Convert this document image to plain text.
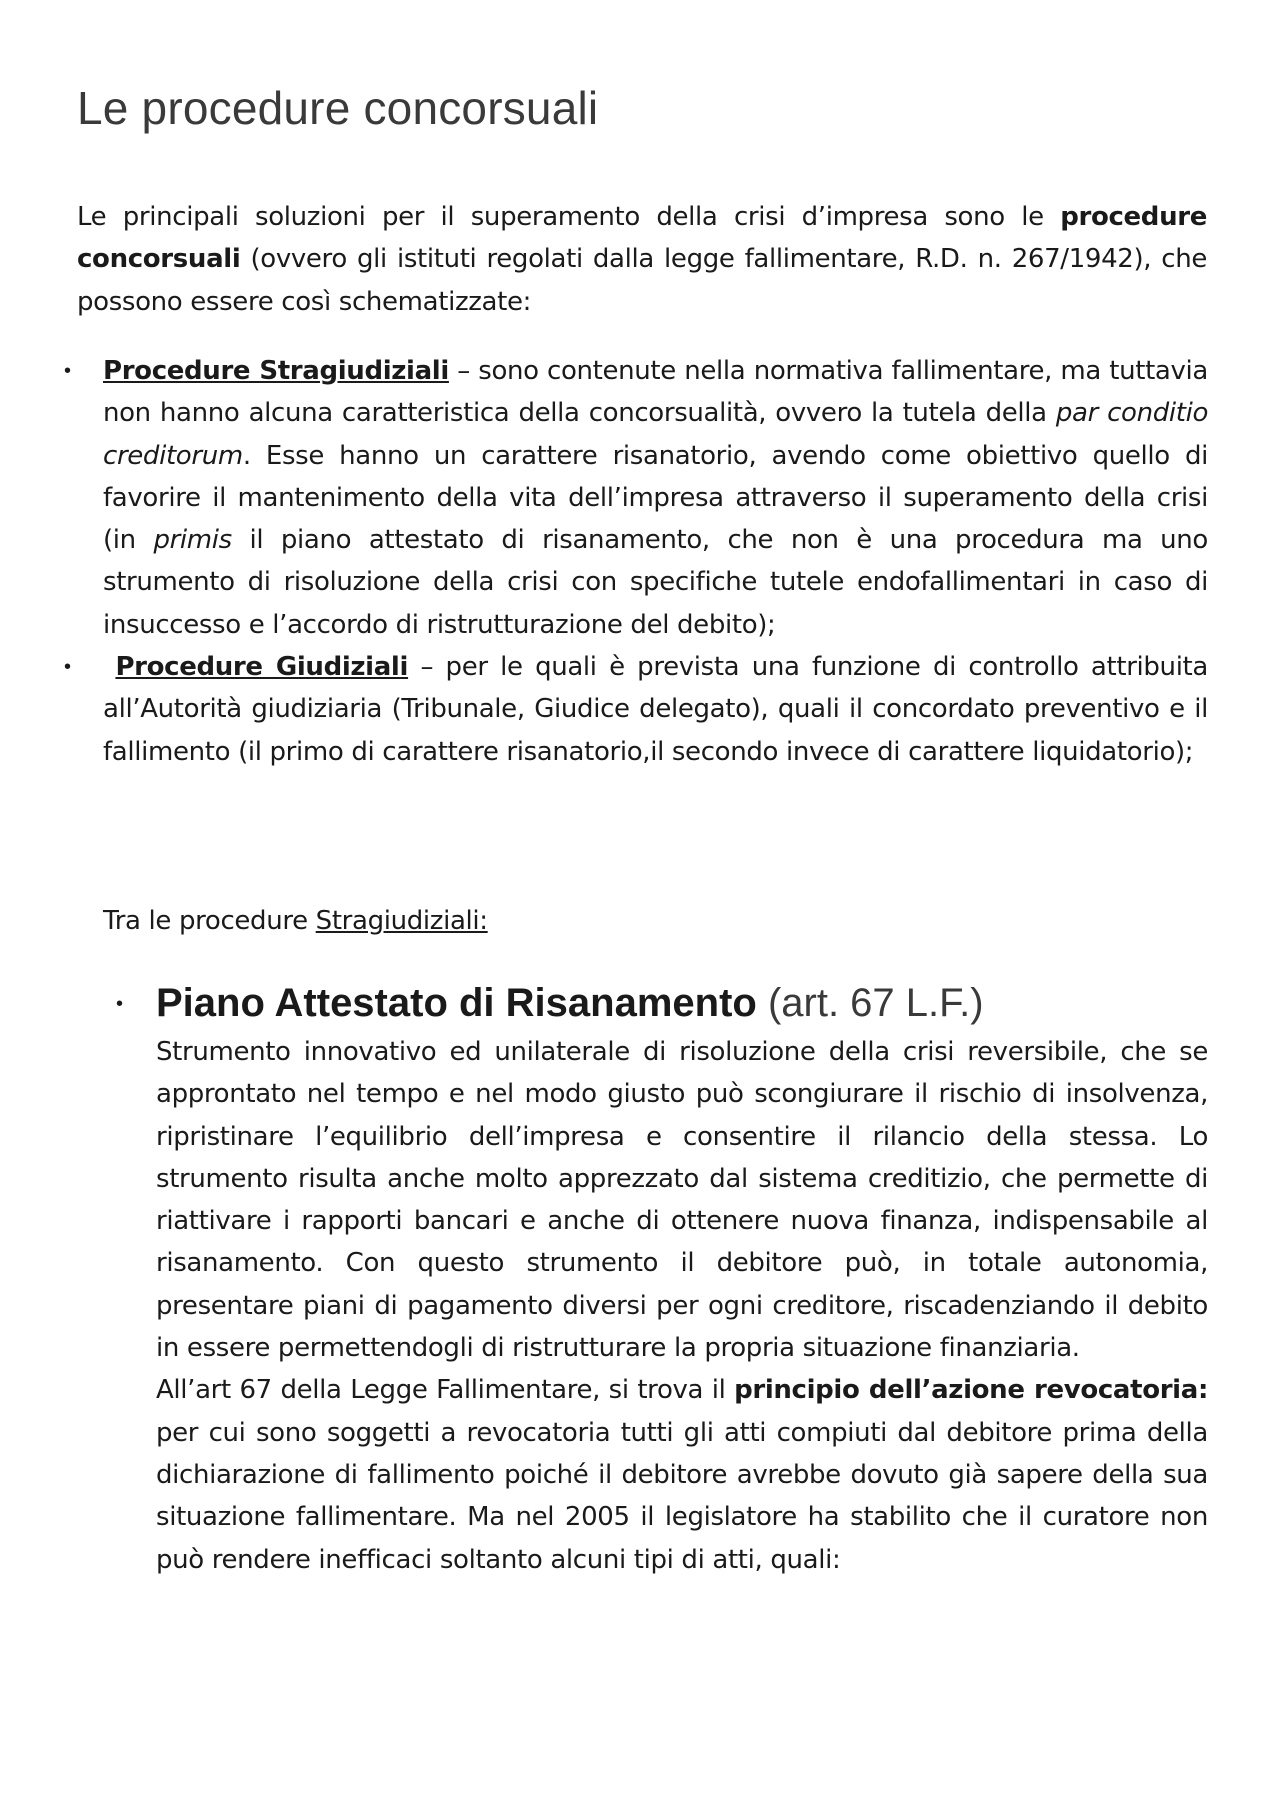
Le procedure concorsuali

Le principali soluzioni per il superamento della crisi d’impresa sono le procedure concorsuali (ovvero gli istituti regolati dalla legge fallimentare, R.D. n. 267/1942), che possono essere così schematizzate:

• Procedure Stragiudiziali – sono contenute nella normativa fallimentare, ma tuttavia non hanno alcuna caratteristica della concorsualità, ovvero la tutela della par conditio creditorum. Esse hanno un carattere risanatorio, avendo come obiettivo quello di favorire il mantenimento della vita dell’impresa attraverso il superamento della crisi (in primis il piano attestato di risanamento, che non è una procedura ma uno strumento di risoluzione della crisi con specifiche tutele endofallimentari in caso di insuccesso e l’accordo di ristrutturazione del debito);

•	Procedure Giudiziali – per le quali è prevista una funzione di controllo attribuita all’Autorità giudiziaria (Tribunale, Giudice delegato), quali il concordato preventivo e il fallimento (il primo di carattere risanatorio,il secondo invece di carattere liquidatorio);

Tra le procedure Stragiudiziali:

• Piano Attestato di Risanamento (art. 67 L.F.)

Strumento innovativo ed unilaterale di risoluzione della crisi reversibile, che se approntato nel tempo e nel modo giusto può scongiurare il rischio di insolvenza, ripristinare l’equilibrio dell’impresa e consentire il rilancio della stessa. Lo strumento risulta anche molto apprezzato dal sistema creditizio, che permette di riattivare i rapporti bancari e anche di ottenere nuova finanza, indispensabile al risanamento. Con questo strumento il debitore può, in totale autonomia, presentare piani di pagamento diversi per ogni creditore, riscadenziando il debito in essere permettendogli di ristrutturare la propria situazione finanziaria.

All’art 67 della Legge Fallimentare, si trova il principio dell’azione revocatoria: per cui sono soggetti a revocatoria tutti gli atti compiuti dal debitore prima della dichiarazione di fallimento poiché il debitore avrebbe dovuto già sapere della sua situazione fallimentare. Ma nel 2005 il legislatore ha stabilito che il curatore non può rendere inefficaci soltanto alcuni tipi di atti, quali:
